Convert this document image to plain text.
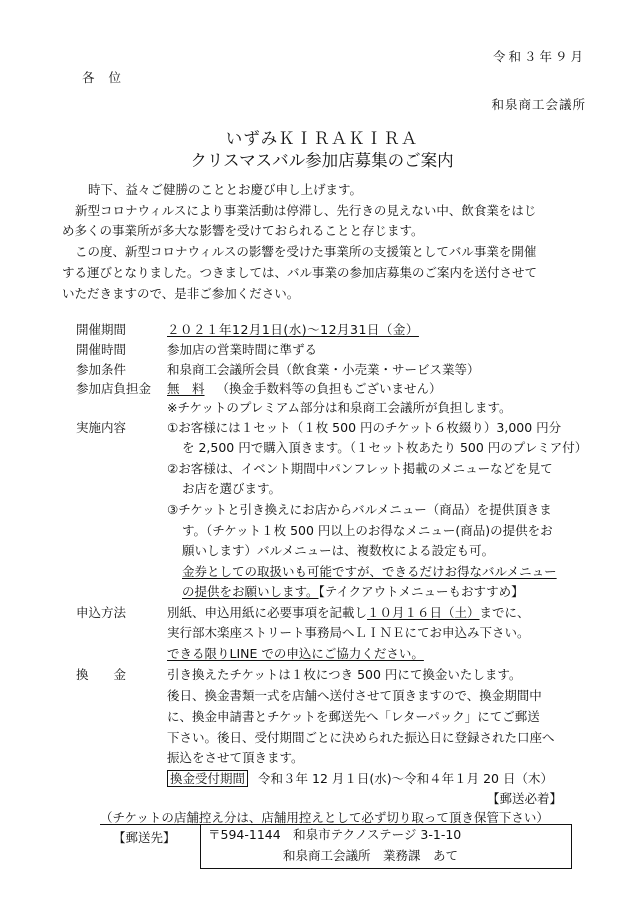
令和３年９月
各位
和泉商工会議所
いずみＫＩＲＡＫＩＲＡ
クリスマスバル参加店募集のご案内
時下、益々ご健勝のこととお慶び申し上げます。
新型コロナウィルスにより事業活動は停滞し、先行きの見えない中、飲食業をはじ
め多くの事業所が多大な影響を受けておられることと存じます。
この度、新型コロナウィルスの影響を受けた事業所の支援策としてバル事業を開催
する運びとなりました。つきましては、バル事業の参加店募集のご案内を送付させて
いただきますので、是非ご参加ください。
開催期間	２０２１年12月1日(水)～12月31日（金）
開催時間	参加店の営業時間に準ずる
参加条件	和泉商工会議所会員（飲食業・小売業・サービス業等）
参加店負担金 無　料 （換金手数料等の負担もございません）
※チケットのプレミアム部分は和泉商工会議所が負担します。
実施内容	①お客様には１セット（１枚 500 円のチケット６枚綴り）3,000 円分
を 2,500 円で購入頂きます。（１セット枚あたり 500 円のプレミア付）
②お客様は、イベント期間中パンフレット掲載のメニューなどを見て
お店を選びます。
③チケットと引き換えにお店からバルメニュー（商品）を提供頂きま
す。（チケット１枚 500 円以上のお得なメニュー(商品)の提供をお
願いします）バルメニューは、複数枚による設定も可。
金券としての取扱いも可能ですが、できるだけお得なバルメニュー
の提供をお願いします。【テイクアウトメニューもおすすめ】
申込方法	別紙、申込用紙に必要事項を記載し１０月１６日（土）までに、
実行部木楽座ストリート事務局へＬＩＮＥにてお申込み下さい。
できる限りLINE での申込にご協力ください。
換　　金	引き換えたチケットは１枚につき 500 円にて換金いたします。
後日、換金書類一式を店舗へ送付させて頂きますので、換金期間中
に、換金申請書とチケットを郵送先へ「レターパック」にてご郵送
下さい。後日、受付期間ごとに決められた振込日に登録された口座へ
振込をさせて頂きます。
換金受付期間 令和３年 12 月１日(水)～令和４年１月 20 日（木）
【郵送必着】
（チケットの店舗控え分は、店舗用控えとして必ず切り取って頂き保管下さい）
【郵送先】	〒594-1144　和泉市テクノステージ 3-1-10
和泉商工会議所　業務課　あて
